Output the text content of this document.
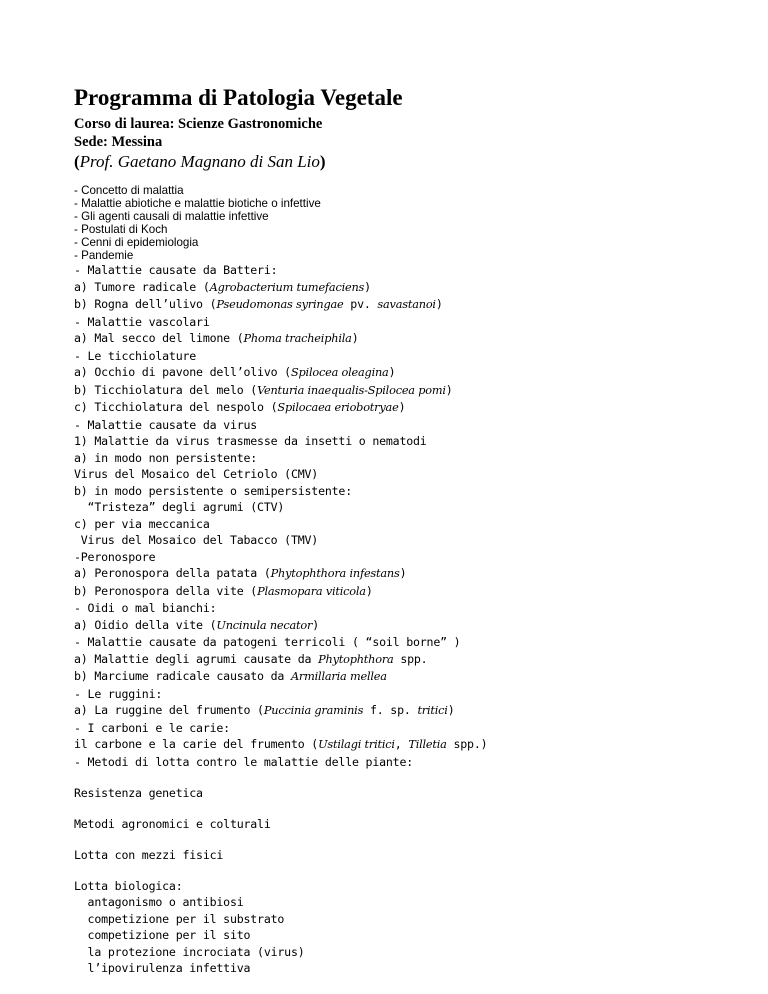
Programma di Patologia Vegetale

Corso di laurea: Scienze Gastronomiche

Sede: Messina

(Prof. Gaetano Magnano di San Lio)

- Concetto di malattia

- Malattie abiotiche e malattie biotiche o infettive

- Gli agenti causali di malattie infettive

- Postulati di Koch

- Cenni di epidemiologia

- Pandemie

- Malattie causate da Batteri:

a) Tumore radicale (Agrobacterium tumefaciens)

b) Rogna dell’ulivo (Pseudomonas syringae pv. savastanoi)

- Malattie vascolari

a) Mal secco del limone (Phoma tracheiphila)

- Le ticchiolature

a) Occhio di pavone dell’olivo (Spilocea oleagina)

b) Ticchiolatura del melo (Venturia inaequalis-Spilocea pomi)

c) Ticchiolatura del nespolo (Spilocaea eriobotryae)

- Malattie causate da virus

1) Malattie da virus trasmesse da insetti o nematodi

a) in modo non persistente:

Virus del Mosaico del Cetriolo (CMV)

b) in modo persistente o semipersistente:

“Tristeza” degli agrumi (CTV)

c) per via meccanica

Virus del Mosaico del Tabacco (TMV)

-Peronospore

a) Peronospora della patata (Phytophthora infestans)

b) Peronospora della vite (Plasmopara viticola)

- Oidi o mal bianchi:

a) Oidio della vite (Uncinula necator)

- Malattie causate da patogeni terricoli ( “soil borne” )

a) Malattie degli agrumi causate da Phytophthora spp.

b) Marciume radicale causato da Armillaria mellea

- Le ruggini:

a) La ruggine del frumento (Puccinia graminis f. sp. tritici)

- I carboni e le carie:

il carbone e la carie del frumento (Ustilagi tritici, Tilletia spp.)

- Metodi di lotta contro le malattie delle piante:

Resistenza genetica

Metodi agronomici e colturali

Lotta con mezzi fisici

Lotta biologica:

antagonismo o antibiosi

competizione per il substrato

competizione per il sito

la protezione incrociata (virus)

l’ipovirulenza infettiva
